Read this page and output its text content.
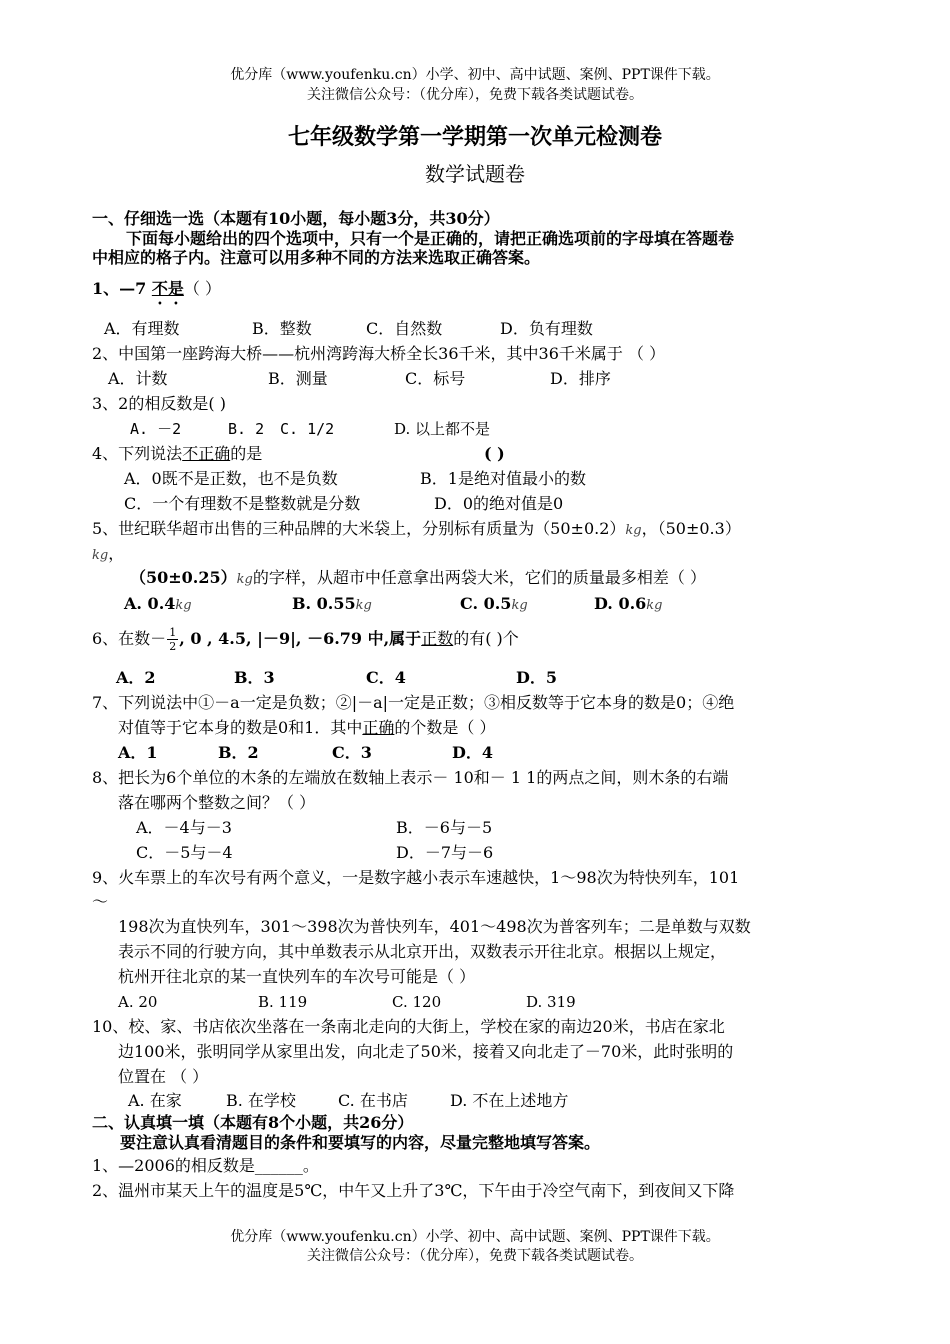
优分库（www.youfenku.cn）小学、初中、高中试题、案例、PPT课件下载。
关注微信公众号：（优分库），免费下载各类试题试卷。
七年级数学第一学期第一次单元检测卷
数学试题卷
一、仔细选一选（本题有10小题，每小题3分，共30分）
下面每小题给出的四个选项中，只有一个是正确的，请把正确选项前的字母填在答题卷
中相应的格子内。注意可以用多种不同的方法来选取正确答案。
1、—7 不是（ ）
A．有理数	B．整数	C．自然数	D．负有理数
2、中国第一座跨海大桥——杭州湾跨海大桥全长36千米，其中36千米属于 （ ）
A．计数	B．测量	C．标号	D．排序
3、2的相反数是( )
A. －2	B. 2 C. 1/2	D. 以上都不是
4、下列说法不正确的是	( )
A．0既不是正数，也不是负数	B．1是绝对值最小的数
C．一个有理数不是整数就是分数	D．0的绝对值是0
5、世纪联华超市出售的三种品牌的大米袋上，分别标有质量为（50±0.2）kg，（50±0.3）
kg，
（50±0.25）kg的字样，从超市中任意拿出两袋大米，它们的质量最多相差（ ）
A. 0.4kg	B. 0.55kg	C. 0.5kg	D. 0.6kg
6、在数－ $\frac{1}{2}$ , 0 , 4.5, |－9|, －6.79 中,属于正数的有( )个
A．2	B．3	C．4	D．5
7、下列说法中①－a一定是负数；②|－a|一定是正数；③相反数等于它本身的数是0；④绝
对值等于它本身的数是0和1．其中正确的个数是（ ）
A．1	B．2	C．3	D．4
8、把长为6个单位的木条的左端放在数轴上表示－ 10和－ 1 1的两点之间，则木条的右端
落在哪两个整数之间？（ ）
A．－4与－3	B．－6与－5
C．－5与－4	D．－7与－6
9、火车票上的车次号有两个意义，一是数字越小表示车速越快，1～98次为特快列车，101
～
198次为直快列车，301～398次为普快列车，401～498次为普客列车；二是单数与双数
表示不同的行驶方向，其中单数表示从北京开出，双数表示开往北京。根据以上规定，
杭州开往北京的某一直快列车的车次号可能是（ ）
A. 20	B. 119	C. 120	D. 319
10、校、家、书店依次坐落在一条南北走向的大街上，学校在家的南边20米，书店在家北
边100米，张明同学从家里出发，向北走了50米，接着又向北走了－70米，此时张明的
位置在 （ ）
A. 在家	B. 在学校	C. 在书店	D. 不在上述地方
二、认真填一填（本题有8个小题，共26分）
要注意认真看清题目的条件和要填写的内容，尽量完整地填写答案。
1、—2006的相反数是______。
2、温州市某天上午的温度是5℃，中午又上升了3℃，下午由于冷空气南下，到夜间又下降
优分库（www.youfenku.cn）小学、初中、高中试题、案例、PPT课件下载。
关注微信公众号：（优分库），免费下载各类试题试卷。
